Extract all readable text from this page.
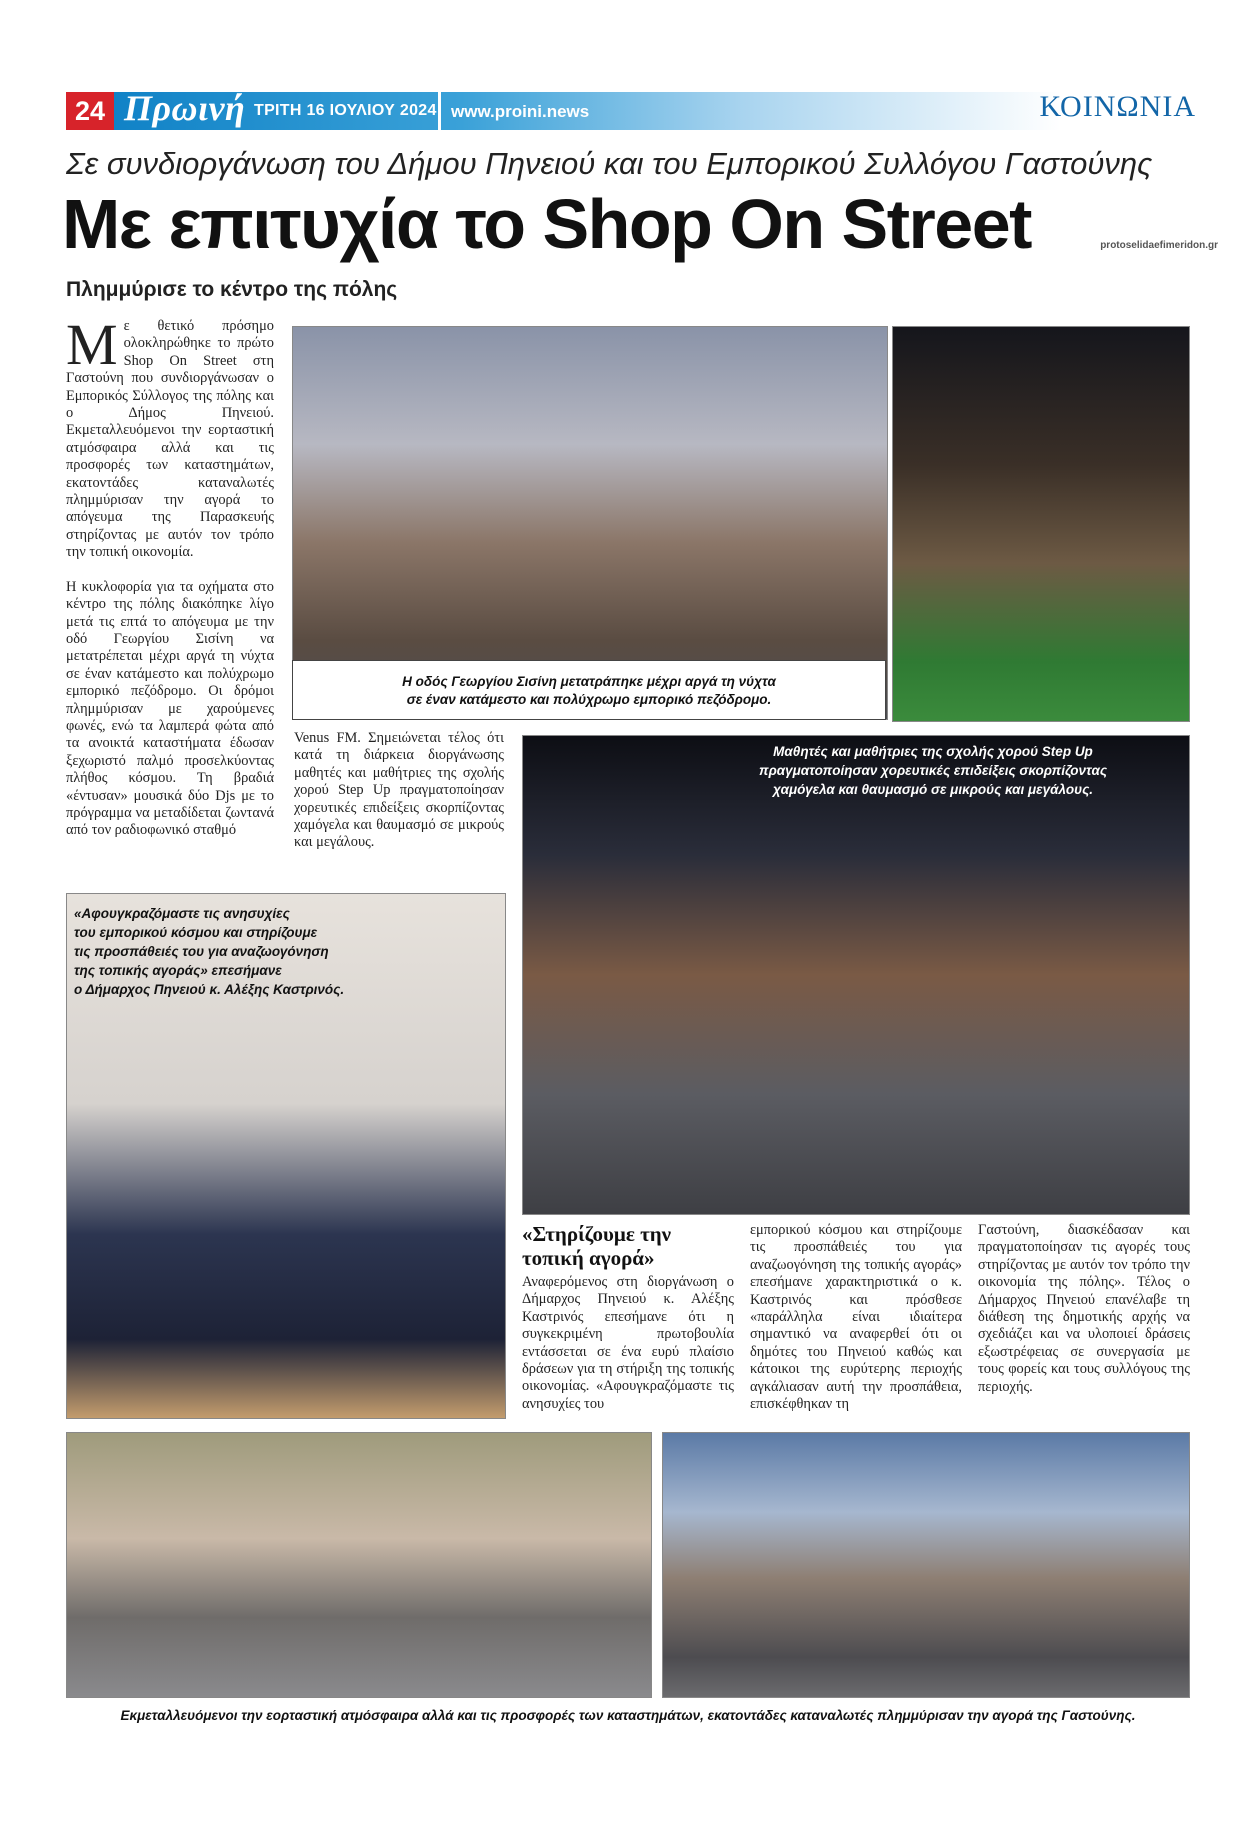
24 Πρωινή ΤΡΙΤΗ 16 ΙΟΥΛΙΟΥ 2024 www.proini.news	ΚΟΙΝΩΝΙΑ
Σε συνδιοργάνωση του Δήμου Πηνειού και του Εμπορικού Συλλόγου Γαστούνης
Με επιτυχία το Shop On Street	protoselidaefimeridon.gr
Πλημμύρισε το κέντρο της πόλης

Με θετικό πρόσημο ολοκληρώθηκε το πρώτο Shop On Street στη Γαστούνη που συνδιοργάνωσαν ο Εμπορικός Σύλλογος της πόλης και ο Δήμος Πηνειού. Εκμεταλλευόμενοι την εορταστική ατμόσφαιρα αλλά και τις προσφορές των καταστημάτων, εκατοντάδες καταναλωτές πλημμύρισαν την αγορά το απόγευμα της Παρασκευής στηρίζοντας με αυτόν τον τρόπο την τοπική οικονομία.

Η κυκλοφορία για τα οχήματα στο κέντρο της πόλης διακόπηκε λίγο μετά τις επτά το απόγευμα με την οδό Γεωργίου Σισίνη να μετατρέπεται μέχρι αργά τη νύχτα σε έναν κατάμεστο και πολύχρωμο εμπορικό πεζόδρομο. Οι δρόμοι πλημμύρισαν με χαρούμενες φωνές, ενώ τα λαμπερά φώτα από τα ανοικτά καταστήματα έδωσαν ξεχωριστό παλμό προσελκύοντας πλήθος κόσμου. Τη βραδιά «έντυσαν» μουσικά δύο Djs με το πρόγραμμα να μεταδίδεται ζωντανά από τον ραδιοφωνικό σταθμό

Η οδός Γεωργίου Σισίνη μετατράπηκε μέχρι αργά τη νύχτα
σε έναν κατάμεστο και πολύχρωμο εμπορικό πεζόδρομο.

Venus FM. Σημειώνεται τέλος ότι κατά τη διάρκεια διοργάνωσης μαθητές και μαθήτριες της σχολής χορού Step Up πραγματοποίησαν χορευτικές επιδείξεις σκορπίζοντας χαμόγελα και θαυμασμό σε μικρούς και μεγάλους.

Μαθητές και μαθήτριες της σχολής χορού Step Up
πραγματοποίησαν χορευτικές επιδείξεις σκορπίζοντας
χαμόγελα και θαυμασμό σε μικρούς και μεγάλους.
«Αφουγκραζόμαστε τις ανησυχίες
του εμπορικού κόσμου και στηρίζουμε
τις προσπάθειές του για αναζωογόνηση
της τοπικής αγοράς» επεσήμανε
ο Δήμαρχος Πηνειού κ. Αλέξης Καστρινός.
«Στηρίζουμε την τοπική αγορά»

Αναφερόμενος στη διοργάνωση ο Δήμαρχος Πηνειού κ. Αλέξης Καστρινός επεσήμανε ότι η συγκεκριμένη πρωτοβουλία εντάσσεται σε ένα ευρύ πλαίσιο δράσεων για τη στήριξη της τοπικής οικονομίας. «Αφουγκραζόμαστε τις ανησυχίες του

εμπορικού κόσμου και στηρίζουμε τις προσπάθειές του για αναζωογόνηση της τοπικής αγοράς» επεσήμανε χαρακτηριστικά ο κ. Καστρινός και πρόσθεσε «παράλληλα είναι ιδιαίτερα σημαντικό να αναφερθεί ότι οι δημότες του Πηνειού καθώς και κάτοικοι της ευρύτερης περιοχής αγκάλιασαν αυτή την προσπάθεια, επισκέφθηκαν τη

Γαστούνη, διασκέδασαν και πραγματοποίησαν τις αγορές τους στηρίζοντας με αυτόν τον τρόπο την οικονομία της πόλης». Τέλος ο Δήμαρχος Πηνειού επανέλαβε τη διάθεση της δημοτικής αρχής να σχεδιάζει και να υλοποιεί δράσεις εξωστρέφειας σε συνεργασία με τους φορείς και τους συλλόγους της περιοχής.

Εκμεταλλευόμενοι την εορταστική ατμόσφαιρα αλλά και τις προσφορές των καταστημάτων, εκατοντάδες καταναλωτές πλημμύρισαν την αγορά της Γαστούνης.
